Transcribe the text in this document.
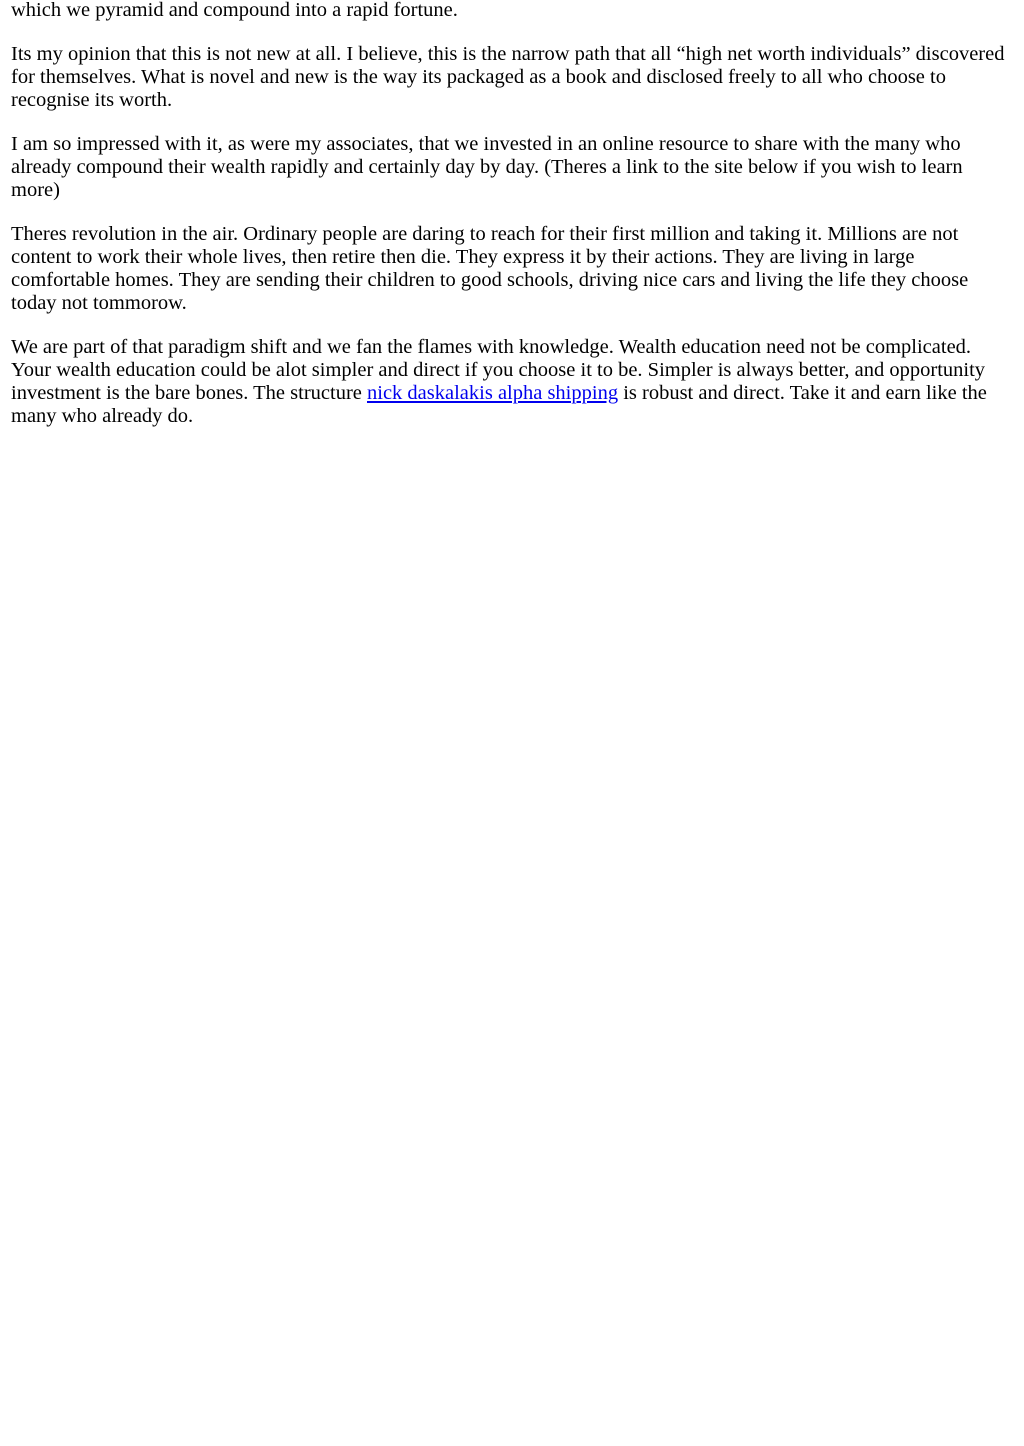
which we pyramid and compound into a rapid fortune.

Its my opinion that this is not new at all. I believe, this is the narrow path that all “high net worth individuals” discovered for themselves. What is novel and new is the way its packaged as a book and disclosed freely to all who choose to recognise its worth.

I am so impressed with it, as were my associates, that we invested in an online resource to share with the many who already compound their wealth rapidly and certainly day by day. (Theres a link to the site below if you wish to learn more)

Theres revolution in the air. Ordinary people are daring to reach for their first million and taking it. Millions are not content to work their whole lives, then retire then die. They express it by their actions. They are living in large comfortable homes. They are sending their children to good schools, driving nice cars and living the life they choose today not tommorow.

We are part of that paradigm shift and we fan the flames with knowledge. Wealth education need not be complicated. Your wealth education could be alot simpler and direct if you choose it to be. Simpler is always better, and opportunity investment is the bare bones. The structure nick daskalakis alpha shipping is robust and direct. Take it and earn like the many who already do.
